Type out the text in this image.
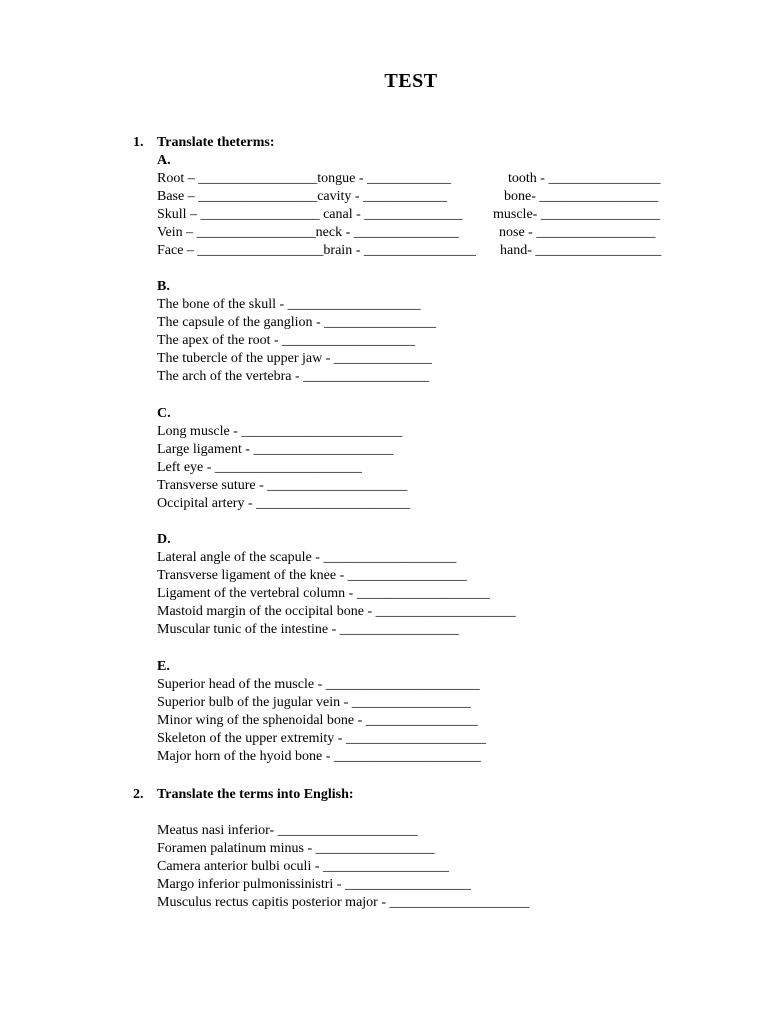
TEST
1. Translate theterms:
A.
Root – _________________tongue - ____________	tooth - ________________
Base – _________________cavity - ____________	bone- _________________
Skull – _________________ canal - ______________ muscle- _________________
Vein – _________________neck - _______________	nose - _________________
Face – __________________brain - ________________ hand- __________________
B.
The bone of the skull - ___________________
The capsule of the ganglion - ________________
The apex of the root - ___________________
The tubercle of the upper jaw - ______________
The arch of the vertebra - __________________
C.
Long muscle - _______________________
Large ligament - ____________________
Left eye - _____________________
Transverse suture - ____________________
Occipital artery - ______________________
D.
Lateral angle of the scapule - ___________________
Transverse ligament of the knee - _________________
Ligament of the vertebral column - ___________________
Mastoid margin of the occipital bone - ____________________
Muscular tunic of the intestine - _________________
E.
Superior head of the muscle - ______________________
Superior bulb of the jugular vein - _________________
Minor wing of the sphenoidal bone - ________________
Skeleton of the upper extremity - ____________________
Major horn of the hyoid bone - _____________________
2. Translate the terms into English:
Meatus nasi inferior- ____________________
Foramen palatinum minus - _________________
Camera anterior bulbi oculi - __________________
Margo inferior pulmonissinistri - __________________
Musculus rectus capitis posterior major - ____________________
